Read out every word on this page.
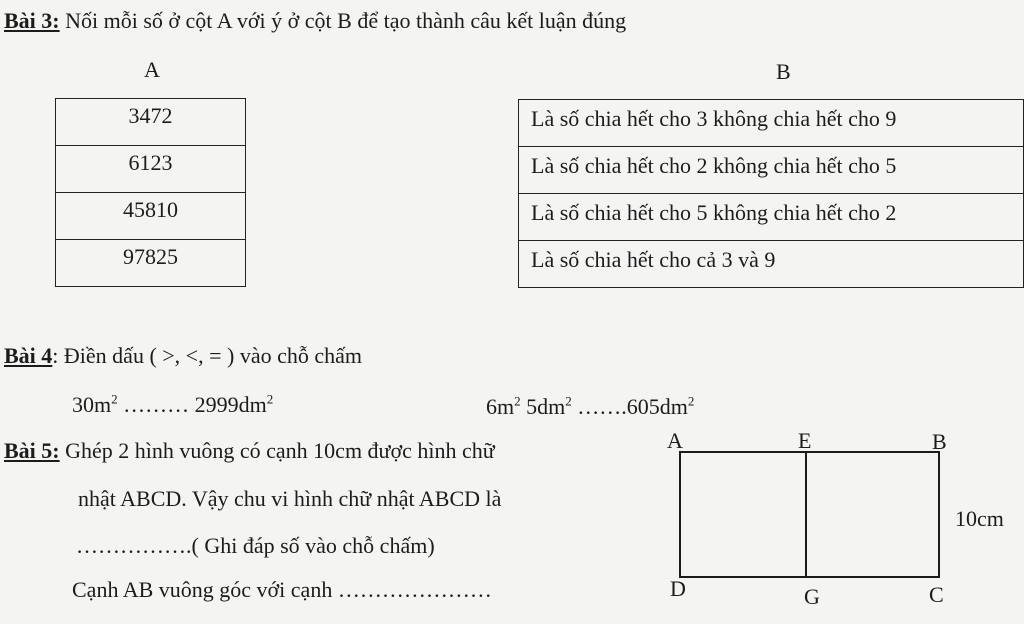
Bài 3: Nối mỗi số ở cột A với ý ở cột B để tạo thành câu kết luận đúng
A	B
3472
6123
45810
97825
Là số chia hết cho 3 không chia hết cho 9
Là số chia hết cho 2 không chia hết cho 5
Là số chia hết cho 5 không chia hết cho 2
Là số chia hết cho cả 3 và 9
Bài 4: Điền dấu ( >, <, = ) vào chỗ chấm
$30m^2$ ……… $2999dm^2$	$6m^2$ $5dm^2$ $\dots\dots.605dm^2$
Bài 5: Ghép 2 hình vuông có cạnh 10cm được hình chữ
nhật ABCD. Vậy chu vi hình chữ nhật ABCD là
…………….( Ghi đáp số vào chỗ chấm)
Cạnh AB vuông góc với cạnh …………………
A	E	B
D	G	C
10cm
